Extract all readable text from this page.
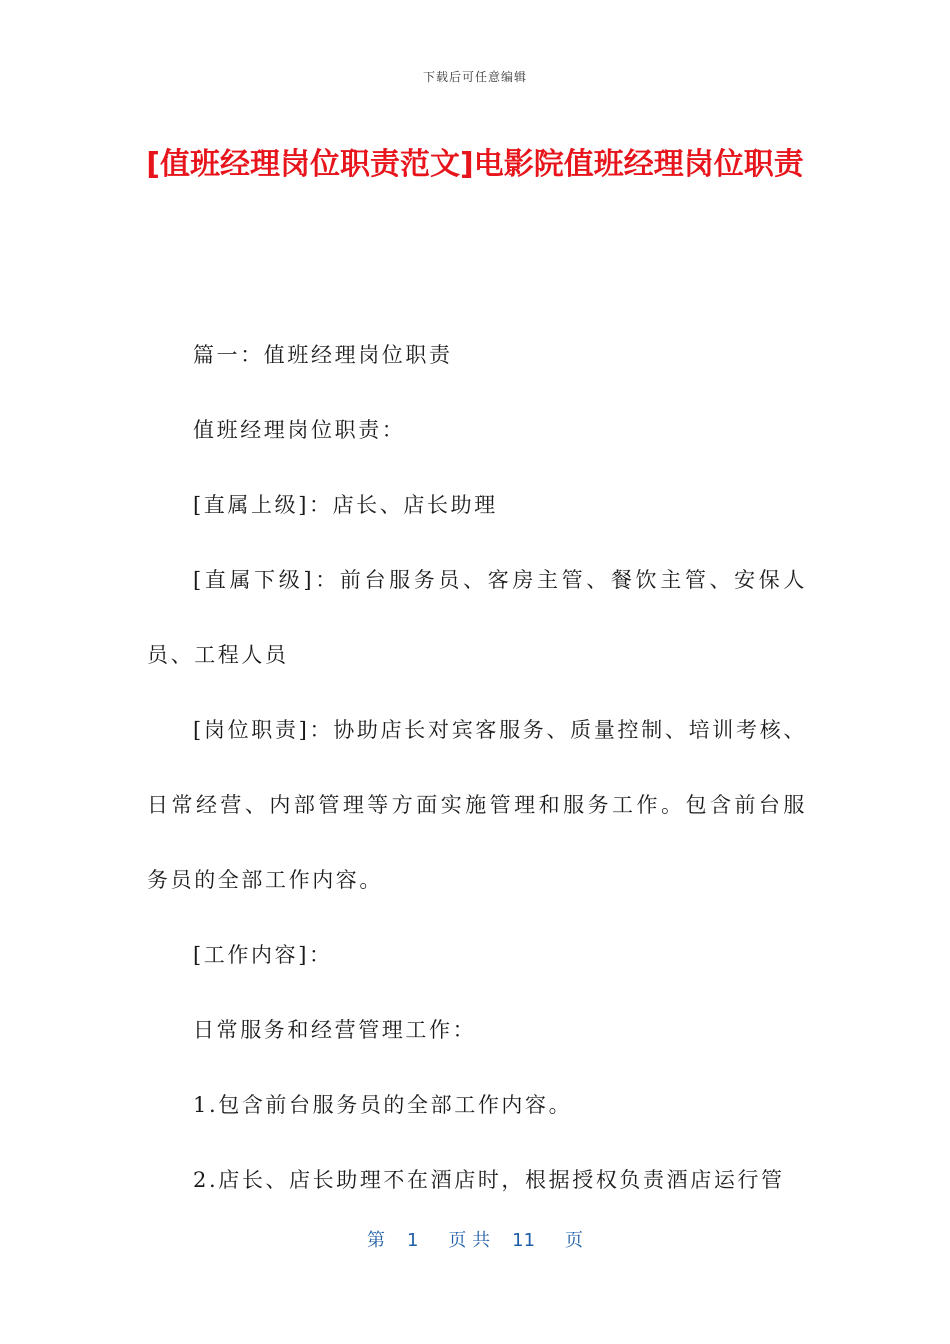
下载后可任意编辑
[值班经理岗位职责范文]电影院值班经理岗位职责

篇一：值班经理岗位职责

值班经理岗位职责：

[直属上级]：店长、店长助理

[直属下级]：前台服务员、客房主管、餐饮主管、安保人员、工程人员

[岗位职责]：协助店长对宾客服务、质量控制、培训考核、日常经营、内部管理等方面实施管理和服务工作。包含前台服务员的全部工作内容。

[工作内容]：

日常服务和经营管理工作：

1.包含前台服务员的全部工作内容。

2.店长、店长助理不在酒店时，根据授权负责酒店运行管

第 1 页 共 11 页
